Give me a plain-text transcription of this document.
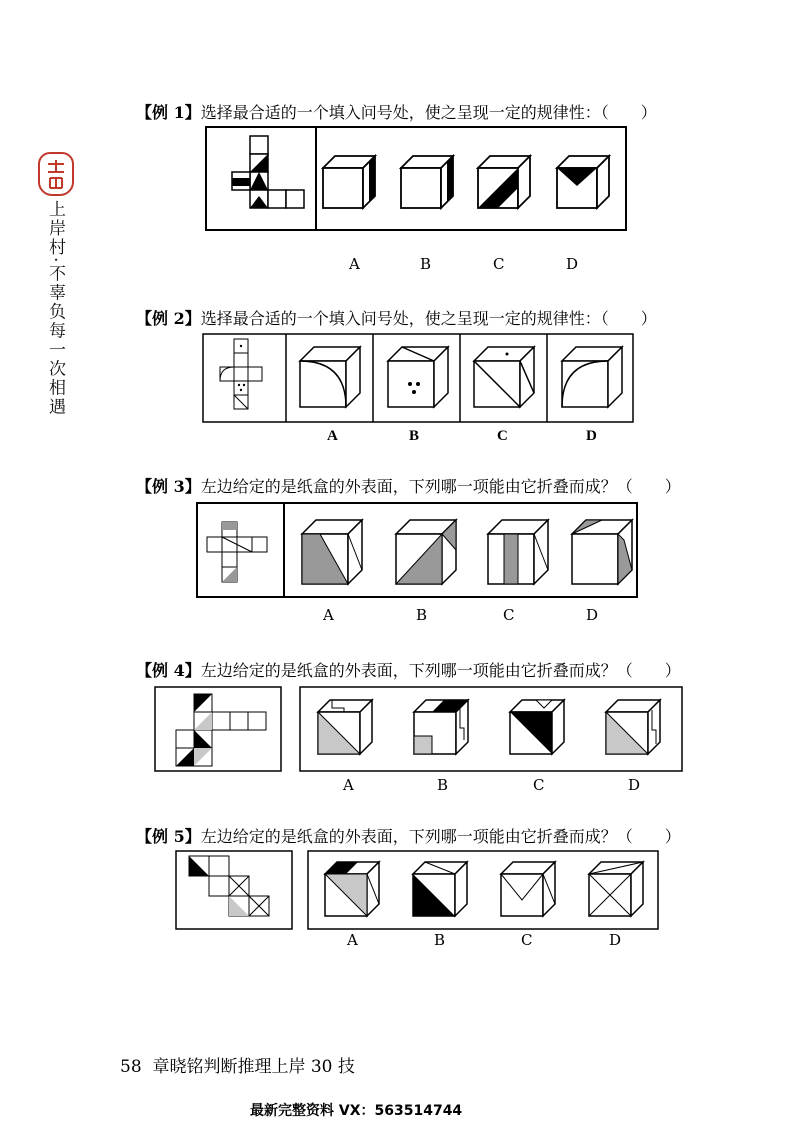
上岸村·不辜负每一次相遇
【例 1】选择最合适的一个填入问号处，使之呈现一定的规律性：（　　）
A	B	C	D
【例 2】选择最合适的一个填入问号处，使之呈现一定的规律性：（　　）
A	B	C	D
【例 3】左边给定的是纸盒的外表面，下列哪一项能由它折叠而成？（　　）
A	B	C	D
【例 4】左边给定的是纸盒的外表面，下列哪一项能由它折叠而成？（　　）
A	B	C	D
【例 5】左边给定的是纸盒的外表面，下列哪一项能由它折叠而成？（　　）
A	B	C	D
58 章晓铭判断推理上岸 30 技
最新完整资料 VX：563514744
